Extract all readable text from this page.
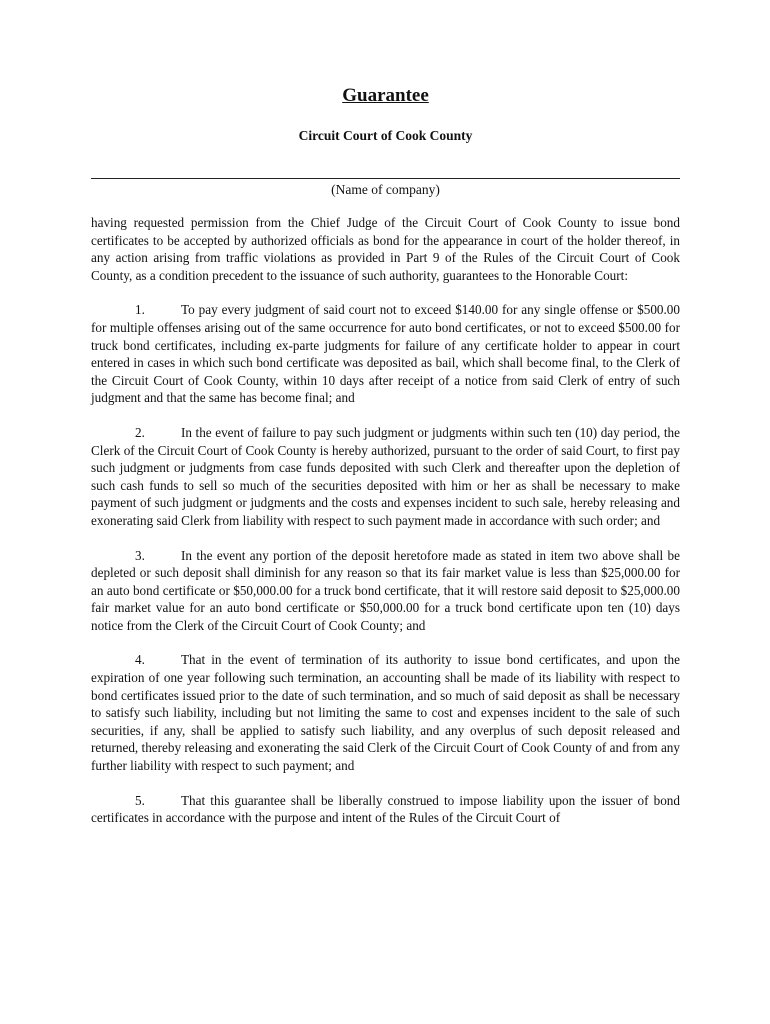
Guarantee

Circuit Court of Cook County

(Name of company)

having requested permission from the Chief Judge of the Circuit Court of Cook County to issue bond certificates to be accepted by authorized officials as bond for the appearance in court of the holder thereof, in any action arising from traffic violations as provided in Part 9 of the Rules of the Circuit Court of Cook County, as a condition precedent to the issuance of such authority, guarantees to the Honorable Court:

1.	To pay every judgment of said court not to exceed $140.00 for any single offense or $500.00 for multiple offenses arising out of the same occurrence for auto bond certificates, or not to exceed $500.00 for truck bond certificates, including ex-parte judgments for failure of any certificate holder to appear in court entered in cases in which such bond certificate was deposited as bail, which shall become final, to the Clerk of the Circuit Court of Cook County, within 10 days after receipt of a notice from said Clerk of entry of such judgment and that the same has become final; and

2.	In the event of failure to pay such judgment or judgments within such ten (10) day period, the Clerk of the Circuit Court of Cook County is hereby authorized, pursuant to the order of said Court, to first pay such judgment or judgments from case funds deposited with such Clerk and thereafter upon the depletion of such cash funds to sell so much of the securities deposited with him or her as shall be necessary to make payment of such judgment or judgments and the costs and expenses incident to such sale, hereby releasing and exonerating said Clerk from liability with respect to such payment made in accordance with such order; and

3.	In the event any portion of the deposit heretofore made as stated in item two above shall be depleted or such deposit shall diminish for any reason so that its fair market value is less than $25,000.00 for an auto bond certificate or $50,000.00 for a truck bond certificate, that it will restore said deposit to $25,000.00 fair market value for an auto bond certificate or $50,000.00 for a truck bond certificate upon ten (10) days notice from the Clerk of the Circuit Court of Cook County; and

4.	That in the event of termination of its authority to issue bond certificates, and upon the expiration of one year following such termination, an accounting shall be made of its liability with respect to bond certificates issued prior to the date of such termination, and so much of said deposit as shall be necessary to satisfy such liability, including but not limiting the same to cost and expenses incident to the sale of such securities, if any, shall be applied to satisfy such liability, and any overplus of such deposit released and returned, thereby releasing and exonerating the said Clerk of the Circuit Court of Cook County of and from any further liability with respect to such payment; and

5.	That this guarantee shall be liberally construed to impose liability upon the issuer of bond certificates in accordance with the purpose and intent of the Rules of the Circuit Court of
